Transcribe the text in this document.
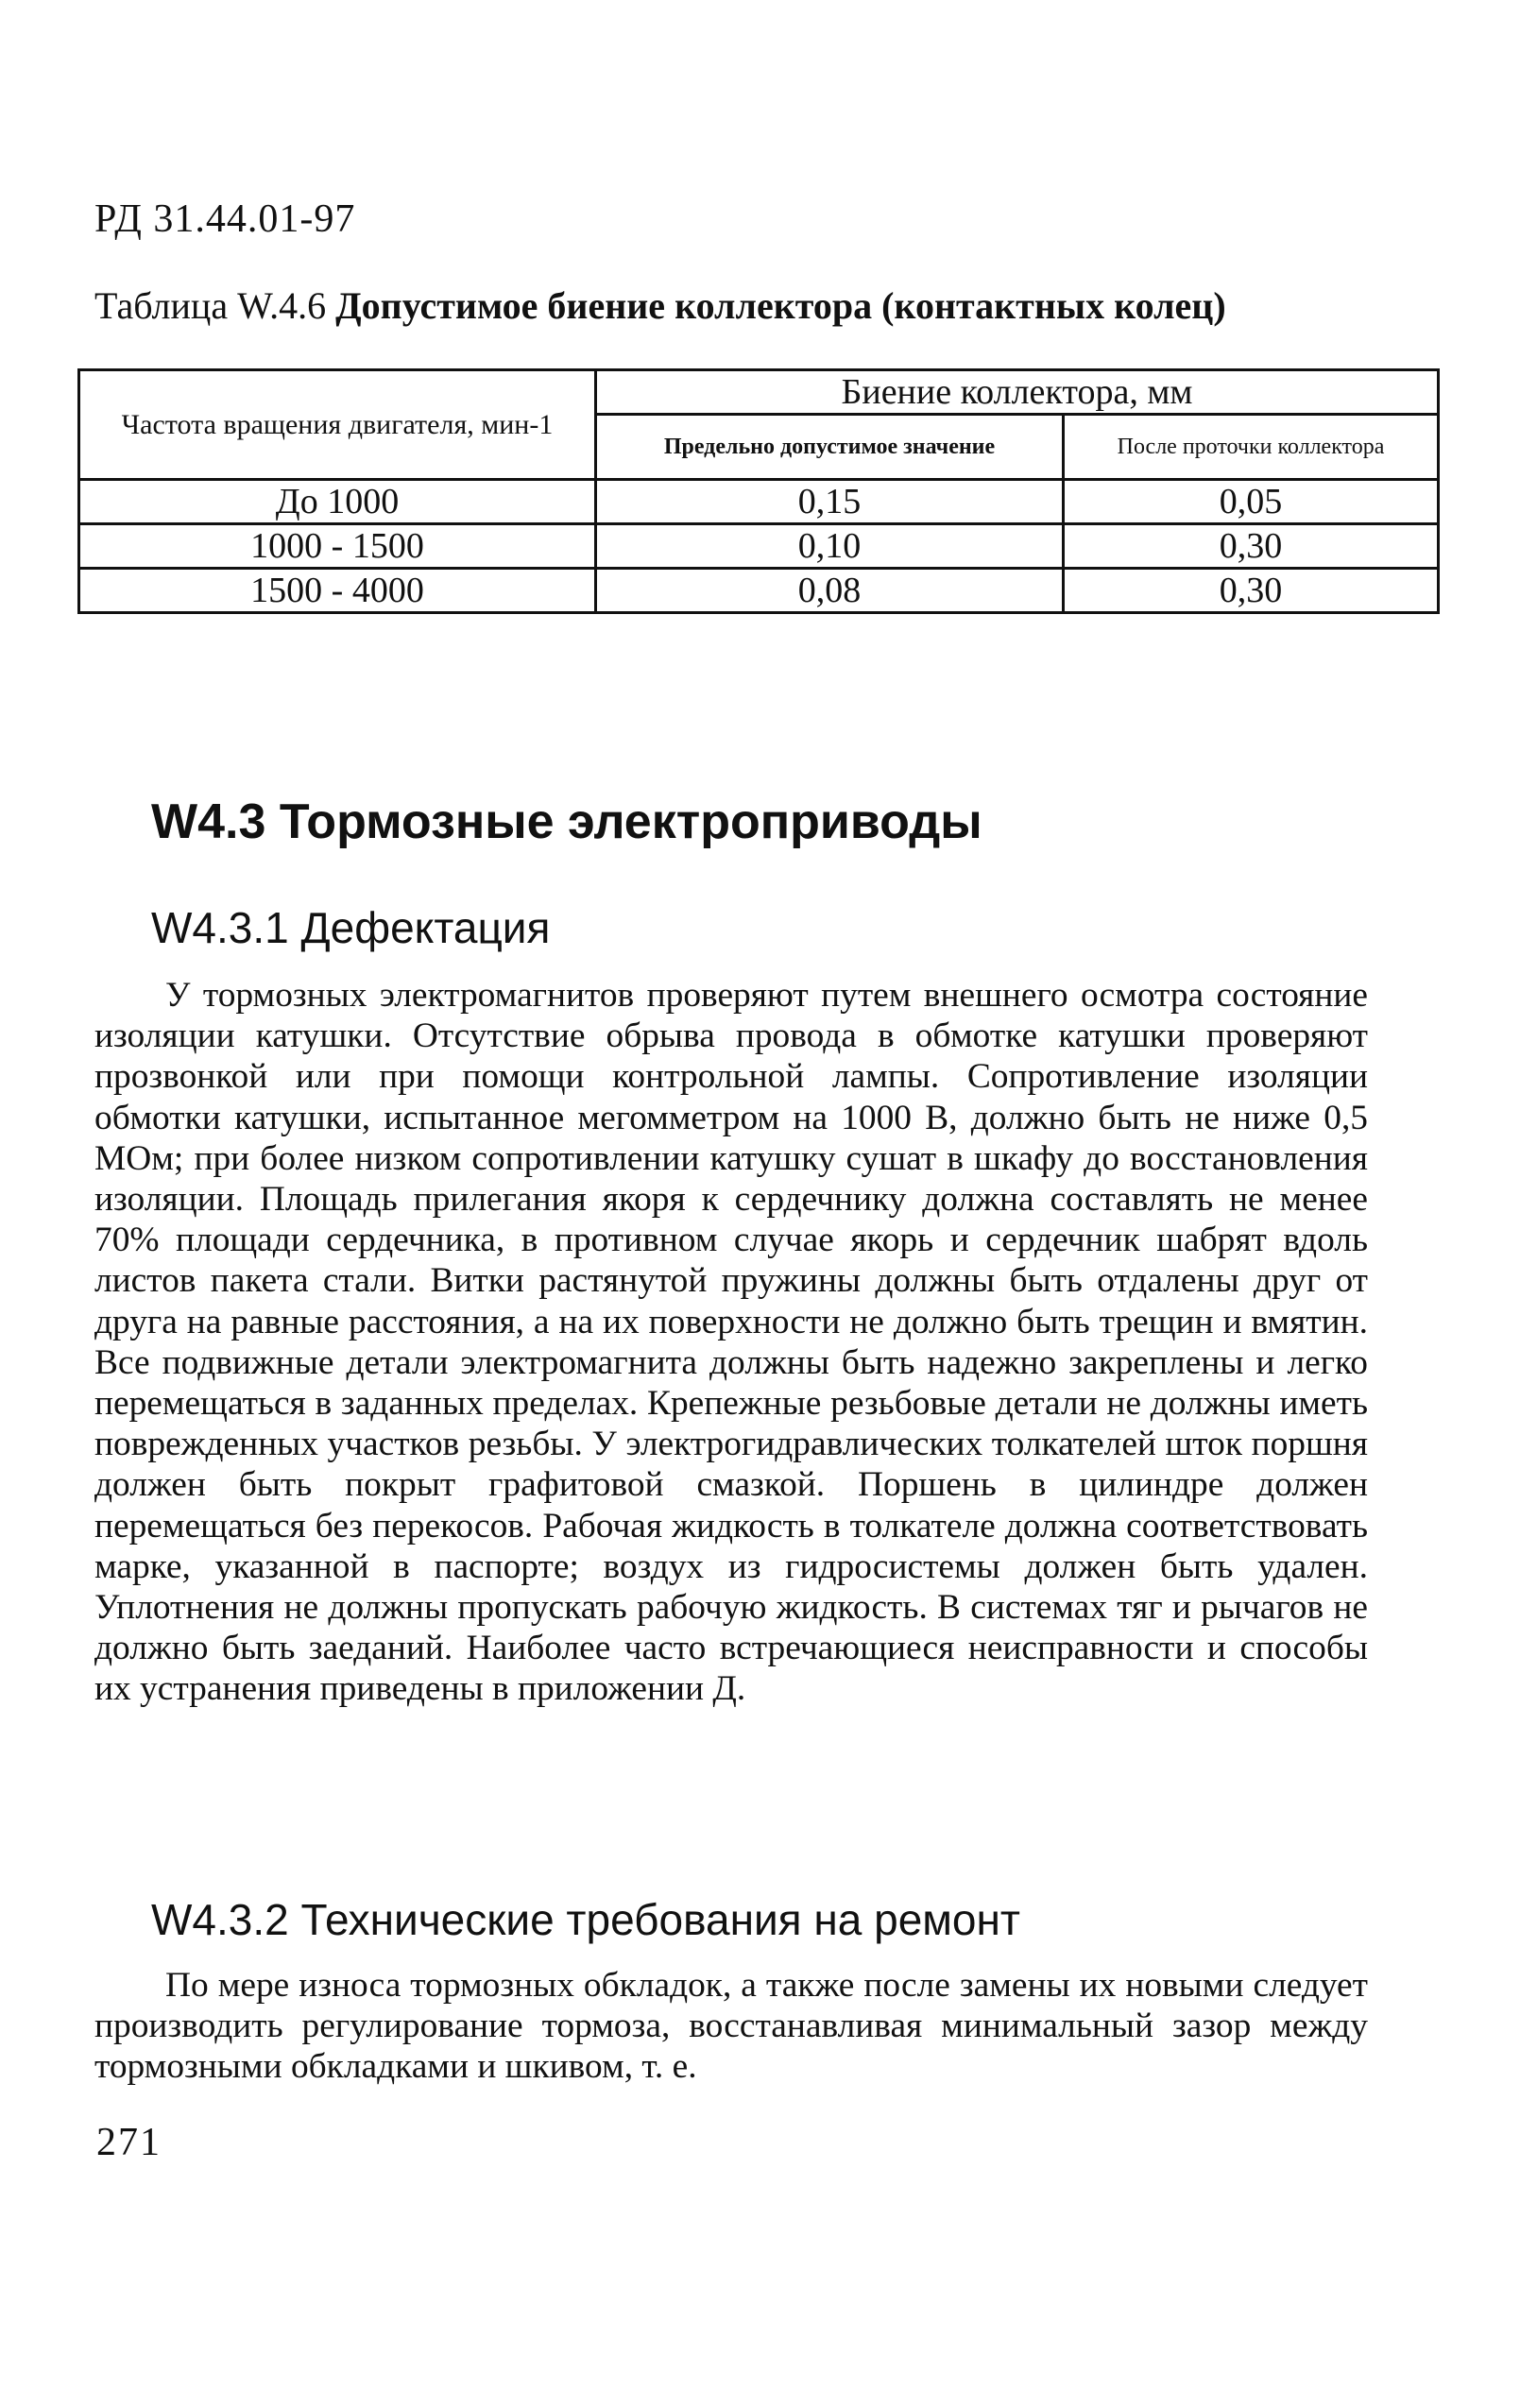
РД 31.44.01-97
Таблица W.4.6 Допустимое биение коллектора (контактных колец)
Частота вращения двигателя, мин-1	Биение коллектора, мм	
	Предельно допустимое значение	После проточки коллектора
До 1000	0,15	0,05
1000 - 1500	0,10	0,30
1500 - 4000	0,08	0,30
W4.3 Тормозные электроприводы
W4.3.1 Дефектация

У тормозных электромагнитов проверяют путем внешнего осмотра состояние изоляции катушки. Отсутствие обрыва провода в обмотке катушки проверяют прозвонкой или при помощи контрольной лампы. Сопротивление изоляции обмотки катушки, испытанное мегомметром на 1000 В, должно быть не ниже 0,5 МОм; при более низком сопротивлении катушку сушат в шкафу до восстановления изоляции. Площадь прилегания якоря к сердечнику должна составлять не менее 70% площади сердечника, в противном случае якорь и сердечник шабрят вдоль листов пакета стали. Витки растянутой пружины должны быть отдалены друг от друга на равные расстояния, а на их поверхности не должно быть трещин и вмятин. Все подвижные детали электромагнита должны быть надежно закреплены и легко перемещаться в заданных пределах. Крепежные резьбовые детали не должны иметь поврежденных участков резьбы. У электрогидравлических толкателей шток поршня должен быть покрыт графитовой смазкой. Поршень в цилиндре должен перемещаться без перекосов. Рабочая жидкость в толкателе должна соответствовать марке, указанной в паспорте; воздух из гидросистемы должен быть удален. Уплотнения не должны пропускать рабочую жидкость. В системах тяг и рычагов не должно быть заеданий. Наиболее часто встречающиеся неисправности и способы их устранения приведены в приложении Д.

W4.3.2 Технические требования на ремонт

По мере износа тормозных обкладок, а также после замены их новыми следует производить регулирование тормоза, восстанавливая минимальный зазор между тормозными обкладками и шкивом, т. е.

271
